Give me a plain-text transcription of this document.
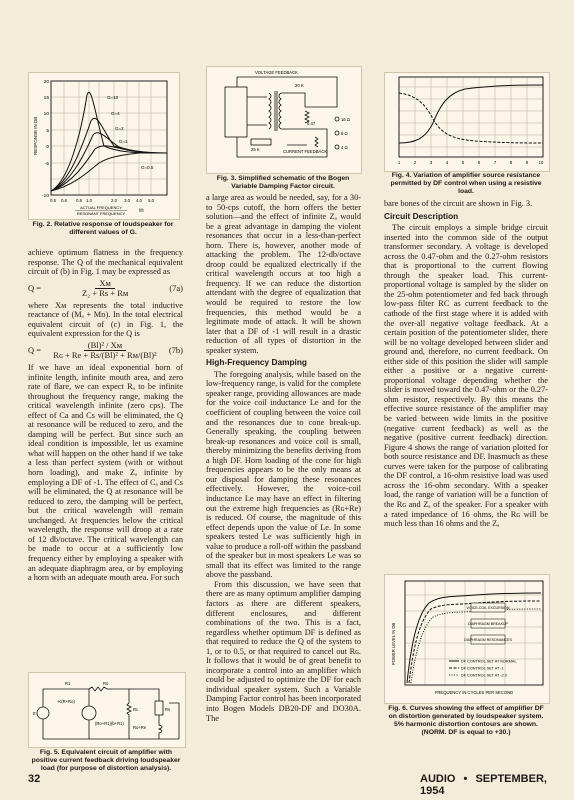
G=10
G=4
G=2
G=1
G=0.5
20
15
10
5
0
-5
-10
RESPONSE IN DB
0.5 0.6 0.8 1.0	2.0 3.0 4.0 5.0
ACTUAL FREQUENCY
RESONANT FREQUENCY
f/fr
Fig. 2. Relative response of loudspeaker for different values of G.
VOLTAGE FEEDBACK
20 K
0.47
16 Ω
8 Ω
4 Ω
CURRENT FEEDBACK
25 K
Fig. 3. Simplified schematic of the Bogen Variable Damping Factor circuit.
1	2	3	4	5	6	7	8	9 10
Fig. 4. Variation of amplifier source resistance permitted by DF control when using a resistive load.

achieve optimum flatness in the frequency response. The Q of the mechanical equivalent circuit of (b) in Fig. 1 may be expressed as

Q =
Xм
Z₂ + Rs + Rм
(7a)

where Xм represents the total inductive reactance of (Mₐ + Mᴅ). In the total electrical equivalent circuit of (c) in Fig. 1, the equivalent expression for the Q is

Q =
(Bl)² / Xм
Rɢ + Re + Rs/(Bl)² + Rм/(Bl)²
(7b)

If we have an ideal exponential horn of infinite length, infinite mouth area, and zero rate of flare, we can expect Rₐ to be infinite throughout the frequency range, making the critical wavelength infinite (zero cps). The effect of Ca and Cs will be eliminated, the Q at resonance will be reduced to zero, and the damping will be perfect. But since such an ideal condition is impossible, let us examine what will happen on the other hand if we take a less than perfect system (with or without horn loading), and make Zₐ infinite by employing a DF of -1. The effect of Cₐ and Cs will be eliminated, the Q at resonance will be reduced to zero, the damping will be perfect, but the critical wavelength will remain unchanged. At frequencies below the critical wavelength, the response will droop at a rate of 12 db/octave. The critical wavelength can be made to occur at a sufficiently low frequency either by employing a speaker with an adequate diaphragm area, or by employing a horn with an adequate mouth area. For such

R1	Ro
Rc	Rs
-K(R+Ro)
(Ro+R1)(b+R1)
Ro+Re
E
Fig. 5. Equivalent circuit of amplifier with positive current feedback driving loudspeaker load (for purpose of distortion analysis).

a large area as would be needed, say, for a 30- to 50-cps cutoff, the horn offers the better solution—and the effect of infinite Zₐ would be a great advantage in damping the violent resonances that occur in a less-than-perfect horn. There is, however, another mode of attacking the problem. The 12-db/octave droop could be equalized electrically if the critical wavelength occurs at too high a frequency. If we can reduce the distortion attendant with the degree of equalization that would be required to restore the low frequencies, this method would be a legitimate mode of attack. It will be shown later that a DF of -1 will result in a drastic reduction of all types of distortion in the speaker system.

High-Frequency Damping

The foregoing analysis, while based on the low-frequency range, is valid for the complete speaker range, providing allowances are made for the voice coil inductance Le and for the coefficient of coupling between the voice coil and the resonances due to cone break-up. Generally speaking, the coupling between break-up resonances and voice coil is small, thereby minimizing the benefits deriving from a high DF. Horn loading of the cone for high frequencies appears to be the only means at our disposal for damping these resonances effectively. However, the voice-coil inductance Le may have an effect in filtering out the extreme high frequencies as (Rɢ+Re) is reduced. Of course, the magnitude of this effect depends upon the value of Le. In some speakers tested Le was sufficiently high in value to produce a roll-off within the passband of the speaker but in most speakers Le was so small that its effect was limited to the range above the passband.

From this discussion, we have seen that there are as many optimum amplifier damping factors as there are different speakers, different enclosures, and different combinations of the two. This is a fact, regardless whether optimum DF is defined as that required to reduce the Q of the system to 1, or to 0.5, or that required to cancel out Rɢ. It follows that it would be of great benefit to incorporate a control into an amplifier which could be adjusted to optimize the DF for each individual speaker system. Such a Variable Damping Factor control has been incorporated into Bogen Models DB20-DF and DO30A. The

bare bones of the circuit are shown in Fig. 3.

Circuit Description

The circuit employs a simple bridge circuit inserted into the common side of the output transformer secondary. A voltage is developed across the 0.47-ohm and the 0.27-ohm resistors that is proportional to the current flowing through the speaker load. This current-proportional voltage is sampled by the slider on the 25-ohm potentiometer and fed back through low-pass filter RC as current feedback to the cathode of the first stage where it is added with the over-all negative voltage feedback. At a certain position of the potentiometer slider, there will be no voltage developed between slider and ground and, therefore, no current feedback. On either side of this position the slider will sample either a positive or a negative current-proportional voltage depending whether the slider is moved toward the 0.47-ohm or the 0.27-ohm resistor, respectively. By this means the effective source resistance of the amplifier may be varied between wide limits in the positive (negative current feedback) as well as the negative (positive current feedback) direction. Figure 4 shows the range of variation plotted for both source resistance and DF. Inasmuch as these curves were taken for the purpose of calibrating the DF control, a 16-ohm resistive load was used across the 16-ohm secondary. With a speaker load, the range of variation will be a function of the Rɢ and Zₐ of the speaker. For a speaker with a rated impedance of 16 ohms, the Rɢ will be much less than 16 ohms and the Zₐ

VOICE-COIL EXCURSION
DIAPHRAGM BREAKUP
DIAPHRAGM RESONANCES
DF CONTROL SET AT NORMAL
DF CONTROL SET AT -1
DF CONTROL SET AT -2.0
POWER LEVEL IN DB
FREQUENCY IN CYCLES PER SECOND
Fig. 6. Curves showing the effect of amplifier DF on distortion generated by loudspeaker system. 5% harmonic distortion contours are shown. (NORM. DF is equal to +30.)
32	AUDIO • SEPTEMBER, 1954
